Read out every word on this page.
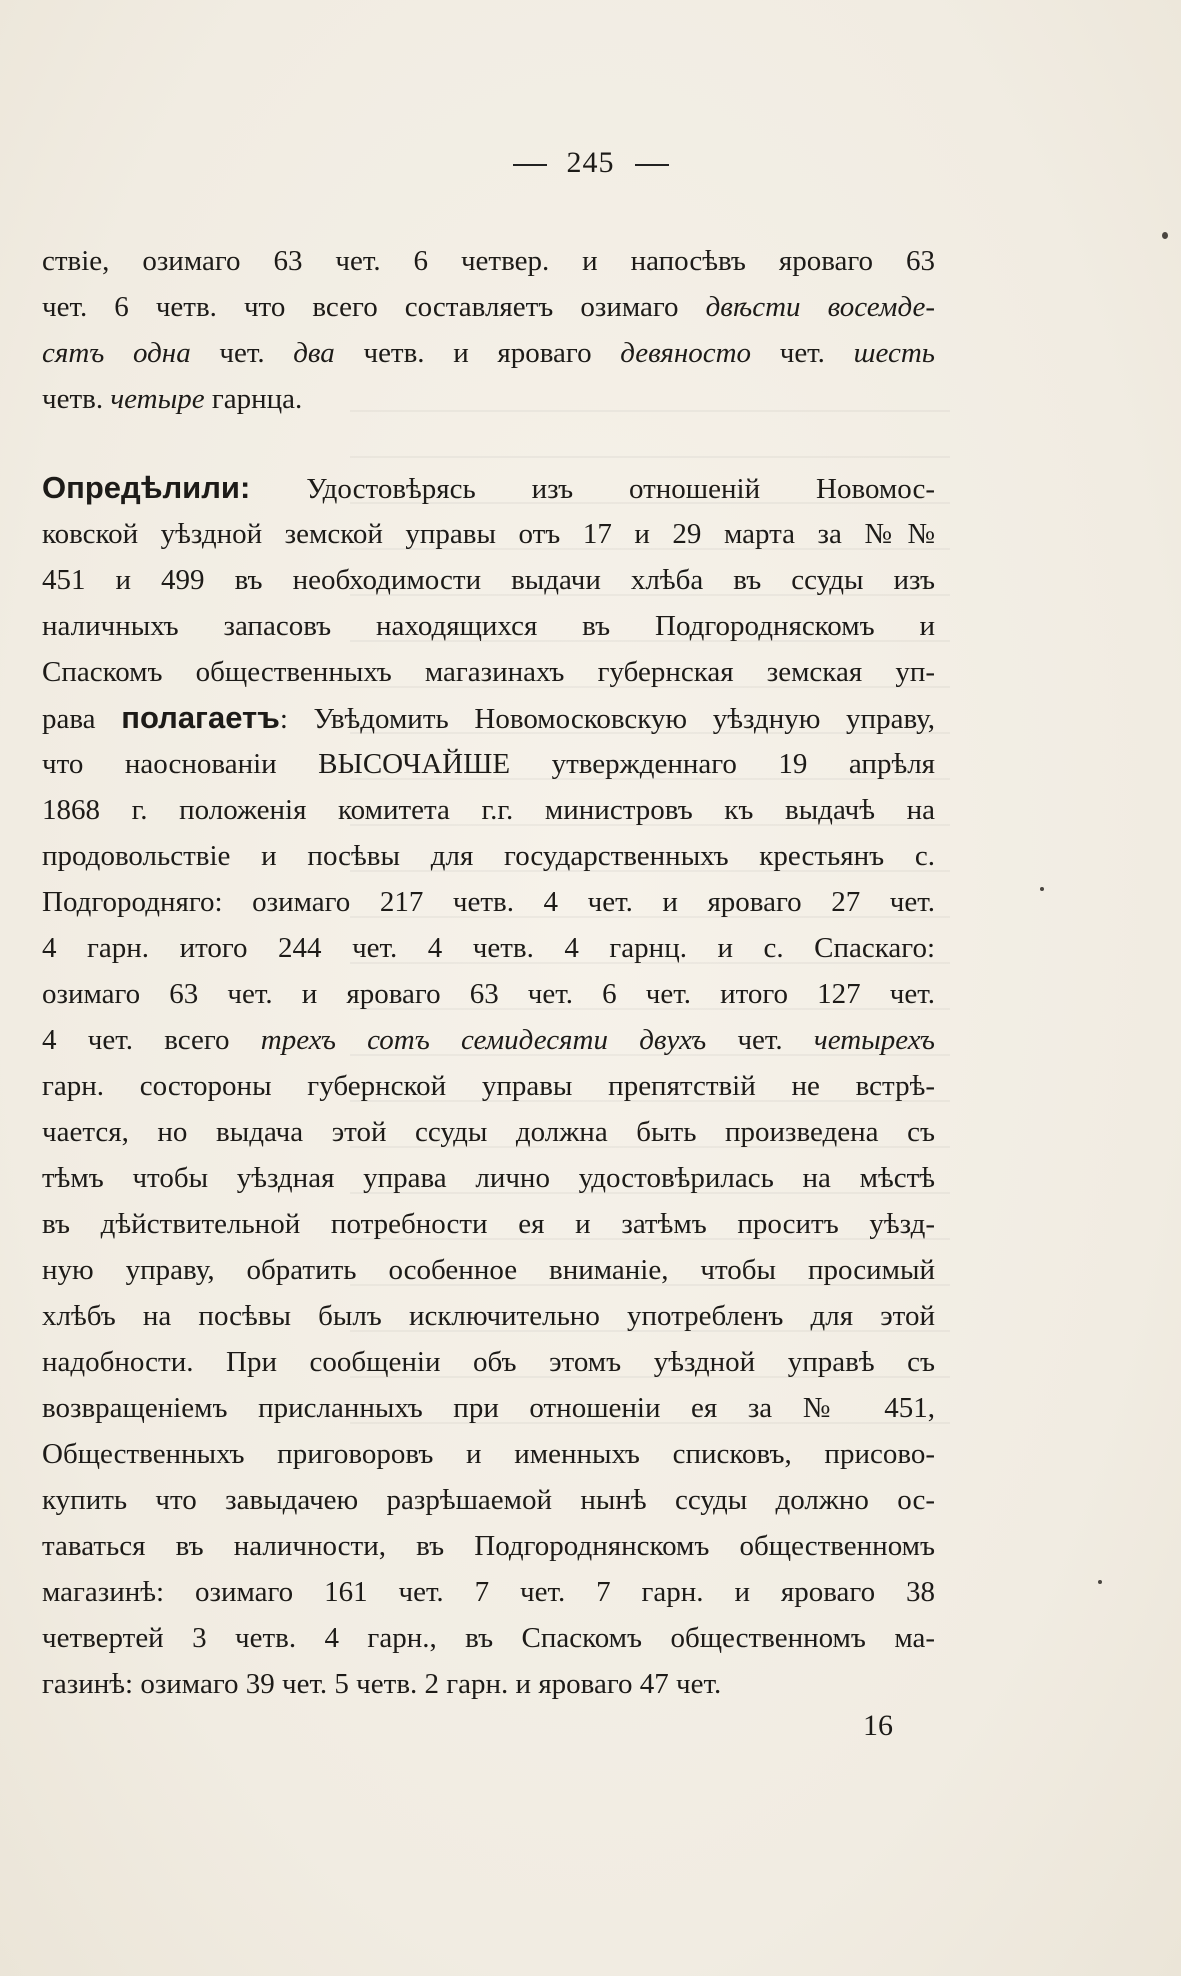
245
ствіе, озимаго 63 чет. 6 четвер. и напосѣвъ яроваго 63
чет. 6 четв. что всего составляетъ озимаго двѣсти восемде-
сятъ одна чет. два четв. и яроваго девяносто чет. шесть
четв. четыре гарнца.
Опредѣлили: Удостовѣрясь изъ отношеній Новомос-
ковской уѣздной земской управы отъ 17 и 29 марта за №№
451 и 499 въ необходимости выдачи хлѣба въ ссуды изъ
наличныхъ запасовъ находящихся въ Подгородняскомъ и
Спаскомъ общественныхъ магазинахъ губернская земская уп-
рава полагаетъ: Увѣдомить Новомосковскую уѣздную управу,
что наоснованіи ВЫСОЧАЙШЕ утвержденнаго 19 апрѣля
1868 г. положенія комитета г.г. министровъ къ выдачѣ на
продовольствіе и посѣвы для государственныхъ крестьянъ с.
Подгородняго: озимаго 217 четв. 4 чет. и яроваго 27 чет.
4 гарн. итого 244 чет. 4 четв. 4 гарнц. и с. Спаскаго:
озимаго 63 чет. и яроваго 63 чет. 6 чет. итого 127 чет.
4 чет. всего трехъ сотъ семидесяти двухъ чет. четырехъ
гарн. состороны губернской управы препятствій не встрѣ-
чается, но выдача этой ссуды должна быть произведена съ
тѣмъ чтобы уѣздная управа лично удостовѣрилась на мѣстѣ
въ дѣйствительной потребности ея и затѣмъ проситъ уѣзд-
ную управу, обратить особенное вниманіе, чтобы просимый
хлѣбъ на посѣвы былъ исключительно употребленъ для этой
надобности. При сообщеніи объ этомъ уѣздной управѣ съ
возвращеніемъ присланныхъ при отношеніи ея за № 451,
Общественныхъ приговоровъ и именныхъ списковъ, присово-
купить что завыдачею разрѣшаемой нынѣ ссуды должно ос-
таваться въ наличности, въ Подгороднянскомъ общественномъ
магазинѣ: озимаго 161 чет. 7 чет. 7 гарн. и яроваго 38
четвертей 3 четв. 4 гарн., въ Спаскомъ общественномъ ма-
газинѣ: озимаго 39 чет. 5 четв. 2 гарн. и яроваго 47 чет.
16
